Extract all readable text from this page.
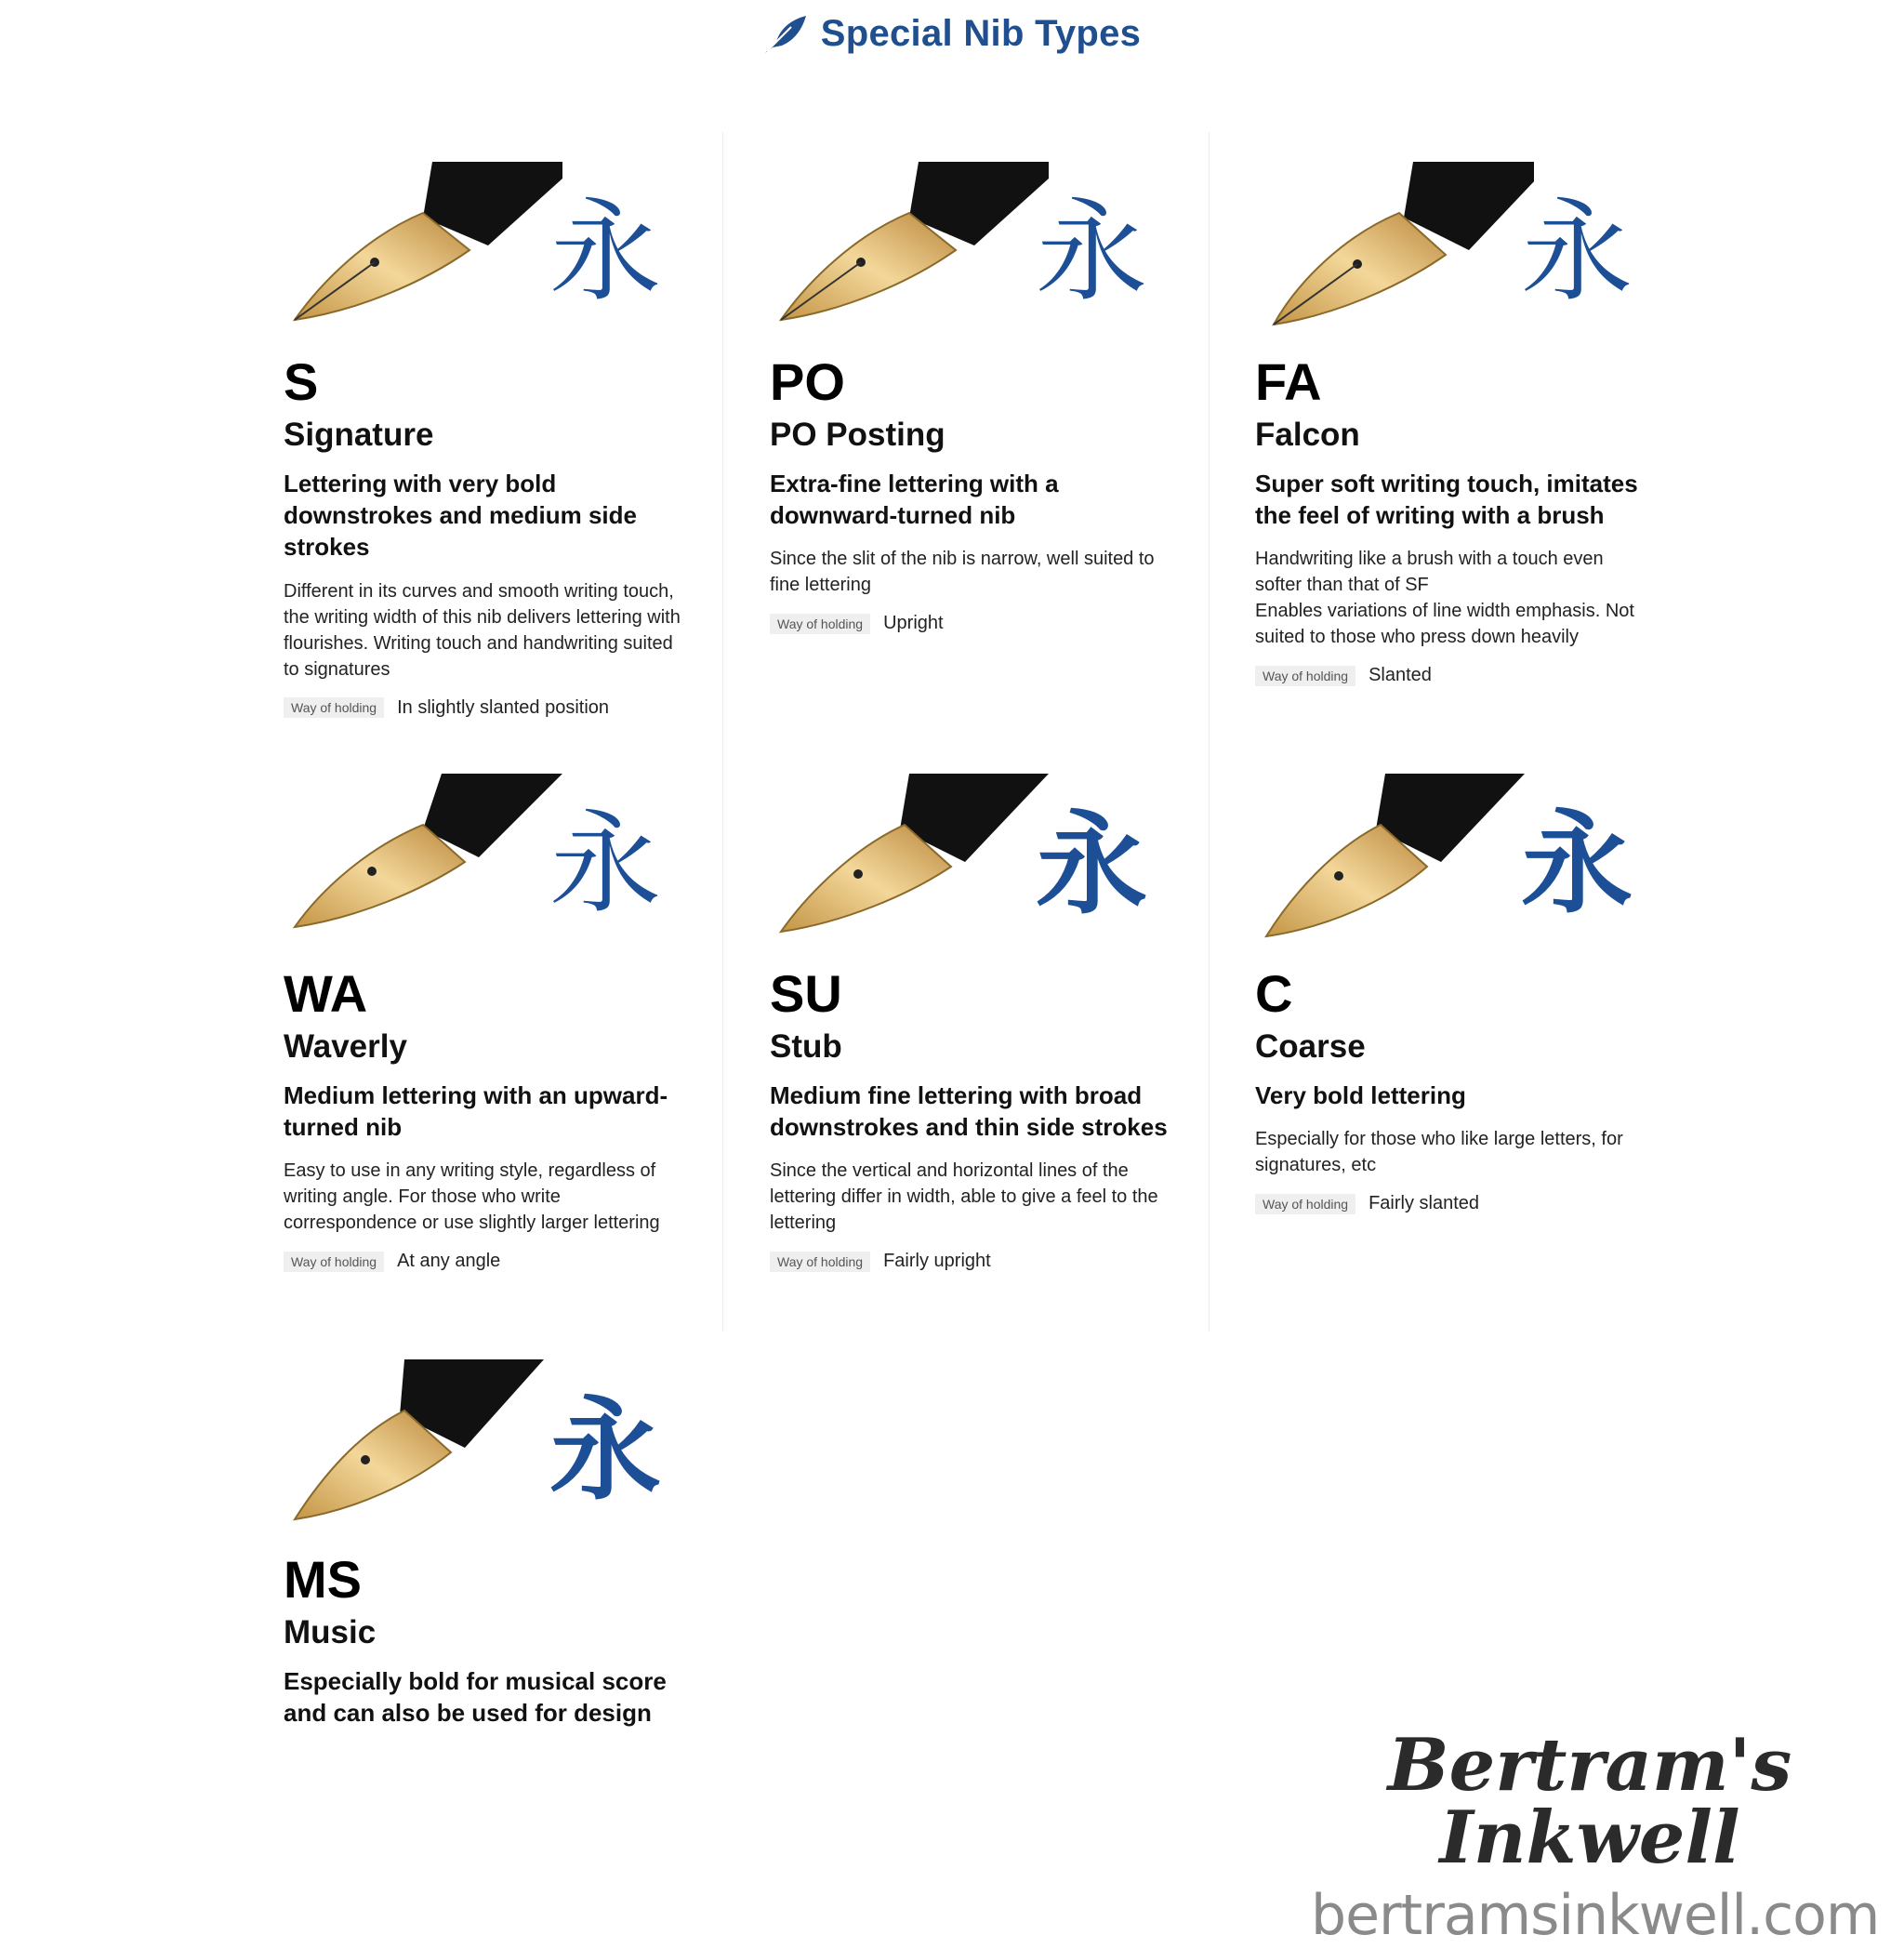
Special Nib Types
永
S
Signature
Lettering with very bold downstrokes and medium side strokes
Different in its curves and smooth writing touch, the writing width of this nib delivers lettering with flourishes. Writing touch and handwriting suited to signatures
Way of holding	In slightly slanted position
永
PO
PO Posting
Extra-fine lettering with a downward-turned nib
Since the slit of the nib is narrow, well suited to fine lettering
Way of holding	Upright
永
FA
Falcon
Super soft writing touch, imitates the feel of writing with a brush
Handwriting like a brush with a touch even softer than that of SF
Enables variations of line width emphasis. Not suited to those who press down heavily
Way of holding	Slanted
永
WA
Waverly
Medium lettering with an upward-turned nib
Easy to use in any writing style, regardless of writing angle. For those who write correspondence or use slightly larger lettering
Way of holding	At any angle
永
SU
Stub
Medium fine lettering with broad downstrokes and thin side strokes
Since the vertical and horizontal lines of the lettering differ in width, able to give a feel to the lettering
Way of holding	Fairly upright
永
C
Coarse
Very bold lettering
Especially for those who like large letters, for signatures, etc
Way of holding	Fairly slanted
永
MS
Music
Especially bold for musical score and can also be used for design
Bertram's Inkwell
bertramsinkwell.com
